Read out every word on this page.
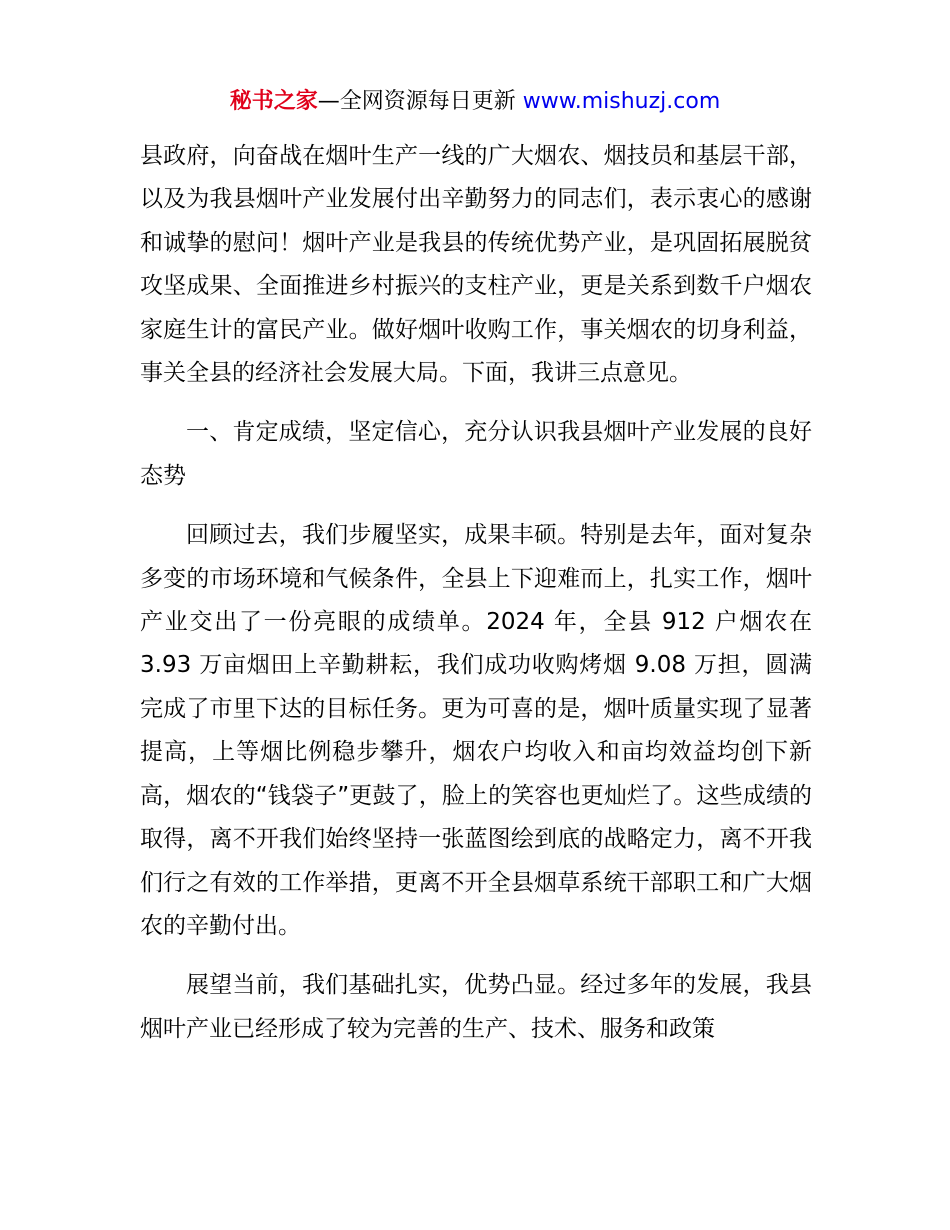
秘书之家—全网资源每日更新 www.mishuzj.com

县政府，向奋战在烟叶生产一线的广大烟农、烟技员和基层干部，以及为我县烟叶产业发展付出辛勤努力的同志们，表示衷心的感谢和诚挚的慰问！烟叶产业是我县的传统优势产业，是巩固拓展脱贫攻坚成果、全面推进乡村振兴的支柱产业，更是关系到数千户烟农家庭生计的富民产业。做好烟叶收购工作，事关烟农的切身利益，事关全县的经济社会发展大局。下面，我讲三点意见。

一、肯定成绩，坚定信心，充分认识我县烟叶产业发展的良好态势

回顾过去，我们步履坚实，成果丰硕。特别是去年，面对复杂多变的市场环境和气候条件，全县上下迎难而上，扎实工作，烟叶产业交出了一份亮眼的成绩单。2024 年，全县 912 户烟农在 3.93 万亩烟田上辛勤耕耘，我们成功收购烤烟 9.08 万担，圆满完成了市里下达的目标任务。更为可喜的是，烟叶质量实现了显著提高，上等烟比例稳步攀升，烟农户均收入和亩均效益均创下新高，烟农的“钱袋子”更鼓了，脸上的笑容也更灿烂了。这些成绩的取得，离不开我们始终坚持一张蓝图绘到底的战略定力，离不开我们行之有效的工作举措，更离不开全县烟草系统干部职工和广大烟农的辛勤付出。

展望当前，我们基础扎实，优势凸显。经过多年的发展，我县烟叶产业已经形成了较为完善的生产、技术、服务和政策
